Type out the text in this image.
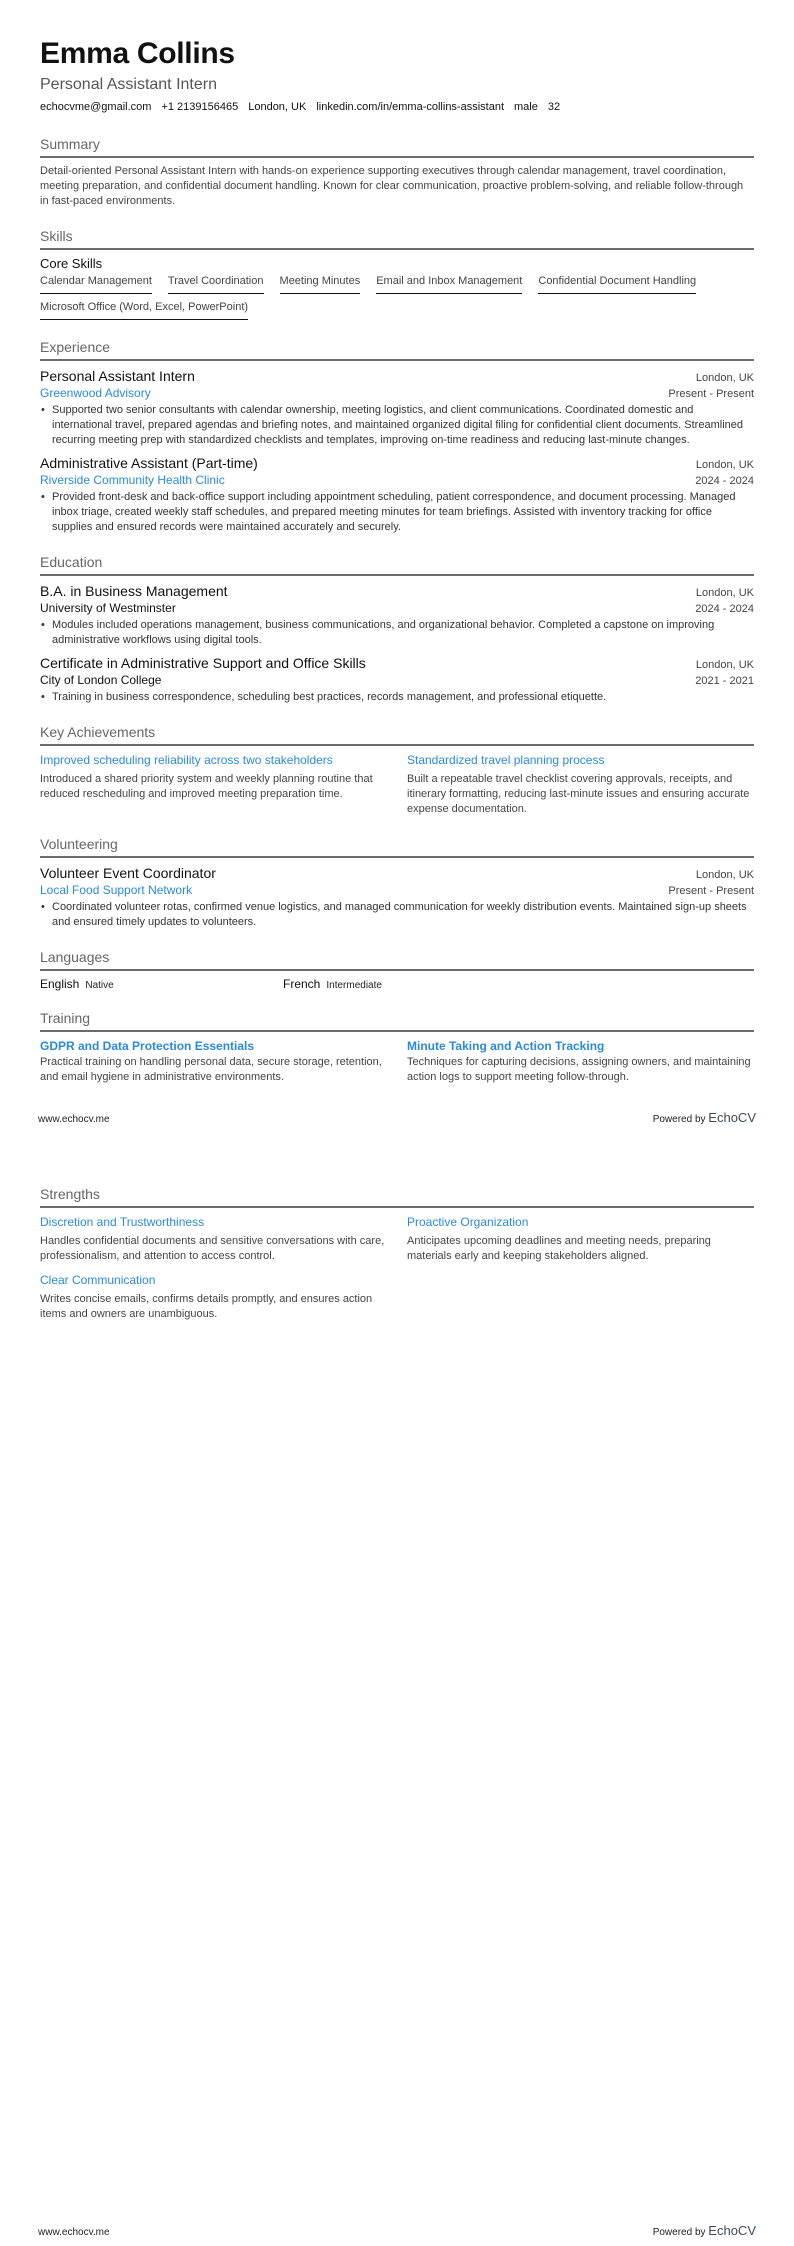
Emma Collins
Personal Assistant Intern
echocvme@gmail.com +1 2139156465 London, UK linkedin.com/in/emma-collins-assistant male 32
Summary
Detail-oriented Personal Assistant Intern with hands-on experience supporting executives through calendar management, travel coordination, meeting preparation, and confidential document handling. Known for clear communication, proactive problem-solving, and reliable follow-through in fast-paced environments.
Skills
Core Skills
Calendar Management Travel Coordination Meeting Minutes Email and Inbox Management Confidential Document Handling
Microsoft Office (Word, Excel, PowerPoint)
Experience
Personal Assistant Intern	London, UK
Greenwood Advisory	Present - Present
• Supported two senior consultants with calendar ownership, meeting logistics, and client communications. Coordinated domestic and international travel, prepared agendas and briefing notes, and maintained organized digital filing for confidential client documents. Streamlined recurring meeting prep with standardized checklists and templates, improving on-time readiness and reducing last-minute changes.
Administrative Assistant (Part-time)	London, UK
Riverside Community Health Clinic	2024 - 2024
• Provided front-desk and back-office support including appointment scheduling, patient correspondence, and document processing. Managed inbox triage, created weekly staff schedules, and prepared meeting minutes for team briefings. Assisted with inventory tracking for office supplies and ensured records were maintained accurately and securely.
Education
B.A. in Business Management	London, UK
University of Westminster	2024 - 2024
• Modules included operations management, business communications, and organizational behavior. Completed a capstone on improving administrative workflows using digital tools.
Certificate in Administrative Support and Office Skills	London, UK
City of London College	2021 - 2021
• Training in business correspondence, scheduling best practices, records management, and professional etiquette.
Key Achievements
Improved scheduling reliability across two stakeholders
Introduced a shared priority system and weekly planning routine that reduced rescheduling and improved meeting preparation time.
Standardized travel planning process
Built a repeatable travel checklist covering approvals, receipts, and itinerary formatting, reducing last-minute issues and ensuring accurate expense documentation.
Volunteering
Volunteer Event Coordinator	London, UK
Local Food Support Network	Present - Present
• Coordinated volunteer rotas, confirmed venue logistics, and managed communication for weekly distribution events. Maintained sign-up sheets and ensured timely updates to volunteers.
Languages
English Native	French Intermediate
Training
GDPR and Data Protection Essentials
Practical training on handling personal data, secure storage, retention, and email hygiene in administrative environments.
Minute Taking and Action Tracking
Techniques for capturing decisions, assigning owners, and maintaining action logs to support meeting follow-through.
www.echocv.me	Powered by EchoCV
Strengths
Discretion and Trustworthiness
Handles confidential documents and sensitive conversations with care, professionalism, and attention to access control.
Proactive Organization
Anticipates upcoming deadlines and meeting needs, preparing materials early and keeping stakeholders aligned.
Clear Communication
Writes concise emails, confirms details promptly, and ensures action items and owners are unambiguous.
www.echocv.me	Powered by EchoCV
